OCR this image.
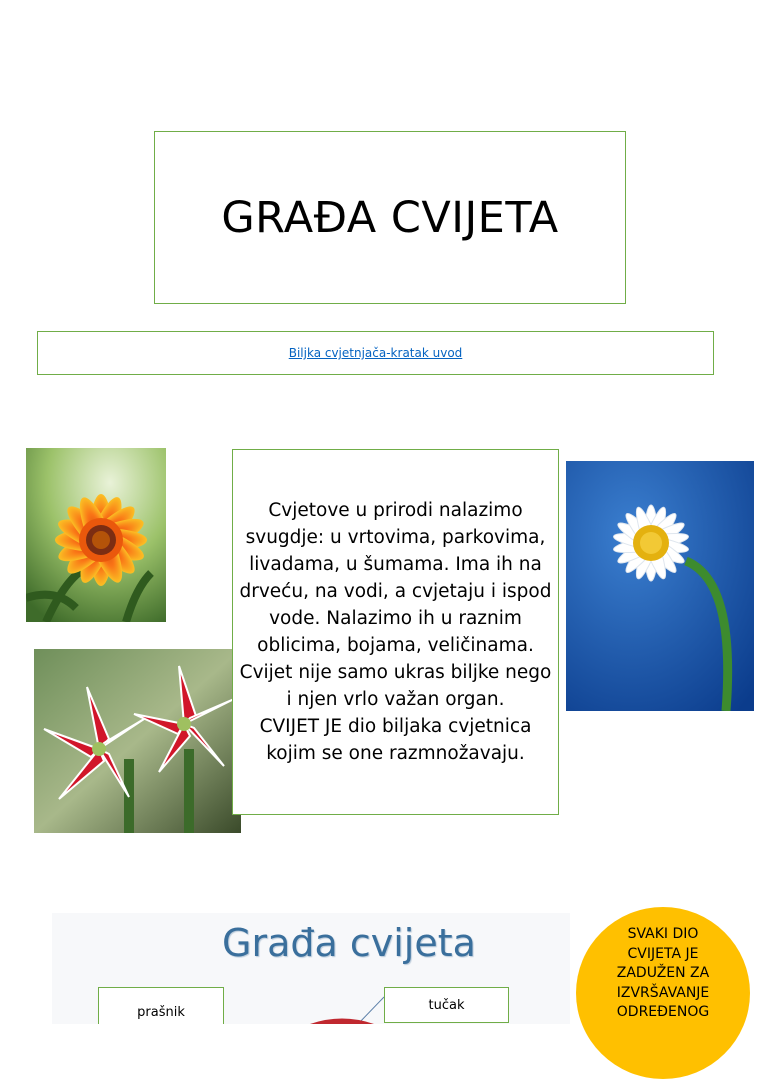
GRAĐA CVIJETA
Biljka cvjetnjača-kratak uvod

Cvjetove u prirodi nalazimo svugdje: u vrtovima, parkovima, livadama, u šumama. Ima ih na drveću, na vodi, a cvjetaju i ispod vode. Nalazimo ih u raznim oblicima, bojama, veličinama. Cvijet nije samo ukras biljke nego i njen vrlo važan organ.
CVIJET JE dio biljaka cvjetnica kojim se one razmnožavaju.

Građa cvijeta
prašnik	tučak
SVAKI DIO CVIJETA JE ZADUŽEN ZA IZVRŠAVANJE ODREĐENOG
